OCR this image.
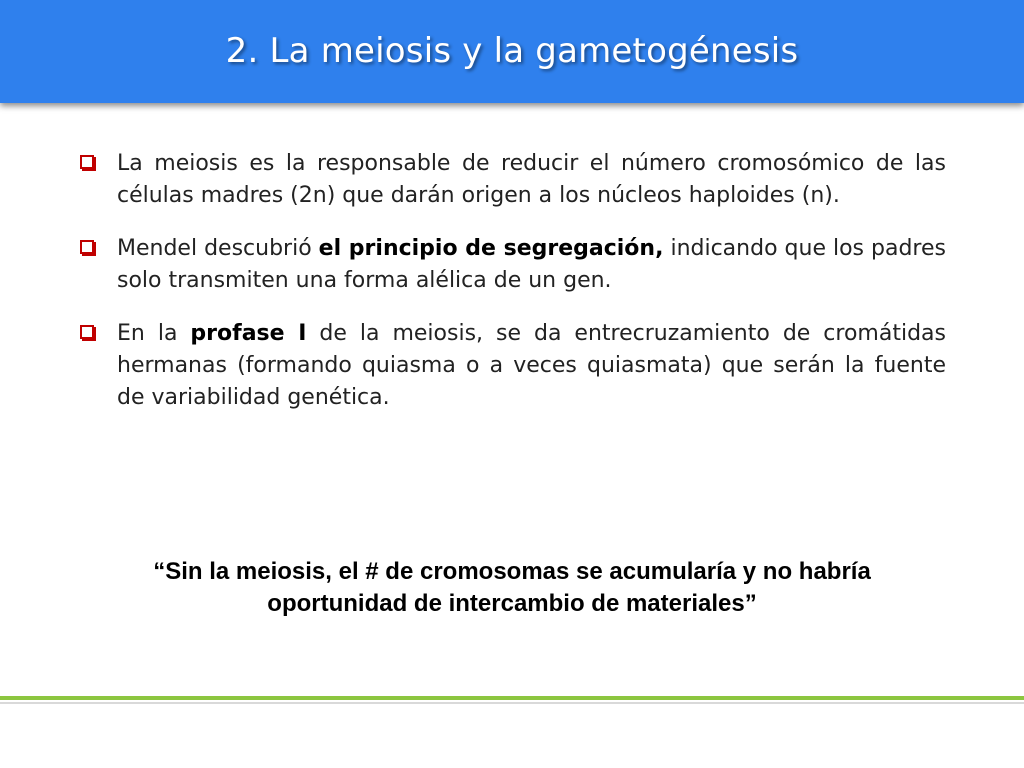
2. La meiosis y la gametogénesis
La meiosis es la responsable de reducir el número cromosómico de las células madres (2n) que darán origen a los núcleos haploides (n).
Mendel descubrió el principio de segregación, indicando que los padres solo transmiten una forma alélica de un gen.
En la profase I de la meiosis, se da entrecruzamiento de cromátidas hermanas (formando quiasma o a veces quiasmata) que serán la fuente de variabilidad genética.
“Sin la meiosis, el # de cromosomas se acumularía y no habría
oportunidad de intercambio de materiales”
